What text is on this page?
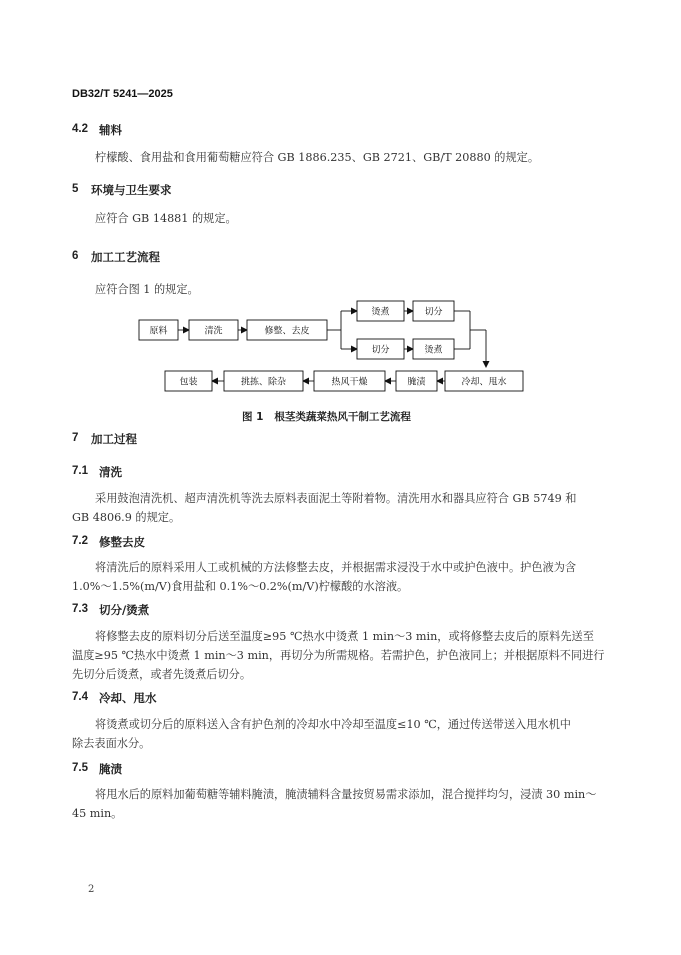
DB32/T 5241—2025
4.2 辅料
柠檬酸、食用盐和食用葡萄糖应符合 GB 1886.235、GB 2721、GB/T 20880 的规定。
5 环境与卫生要求
应符合 GB 14881 的规定。
6 加工工艺流程
应符合图 1 的规定。
原料	清洗	修整、去皮
烫煮	切分
切分	烫煮
冷却、甩水
腌渍
热风干燥
挑拣、除杂
包装
图 1   根茎类蔬菜热风干制工艺流程
7 加工过程
7.1 清洗
采用鼓泡清洗机、超声清洗机等洗去原料表面泥土等附着物。清洗用水和器具应符合 GB 5749 和
GB 4806.9 的规定。
7.2 修整去皮
将清洗后的原料采用人工或机械的方法修整去皮，并根据需求浸没于水中或护色液中。护色液为含
1.0%～1.5%(m/V)食用盐和 0.1%～0.2%(m/V)柠檬酸的水溶液。
7.3 切分/烫煮
将修整去皮的原料切分后送至温度≥95 ℃热水中烫煮 1 min～3 min，或将修整去皮后的原料先送至
温度≥95 ℃热水中烫煮 1 min～3 min，再切分为所需规格。若需护色，护色液同上；并根据原料不同进行
先切分后烫煮，或者先烫煮后切分。
7.4 冷却、甩水
将烫煮或切分后的原料送入含有护色剂的冷却水中冷却至温度≤10 ℃，通过传送带送入甩水机中
除去表面水分。
7.5 腌渍
将甩水后的原料加葡萄糖等辅料腌渍，腌渍辅料含量按贸易需求添加，混合搅拌均匀，浸渍 30 min～
45 min。
2
